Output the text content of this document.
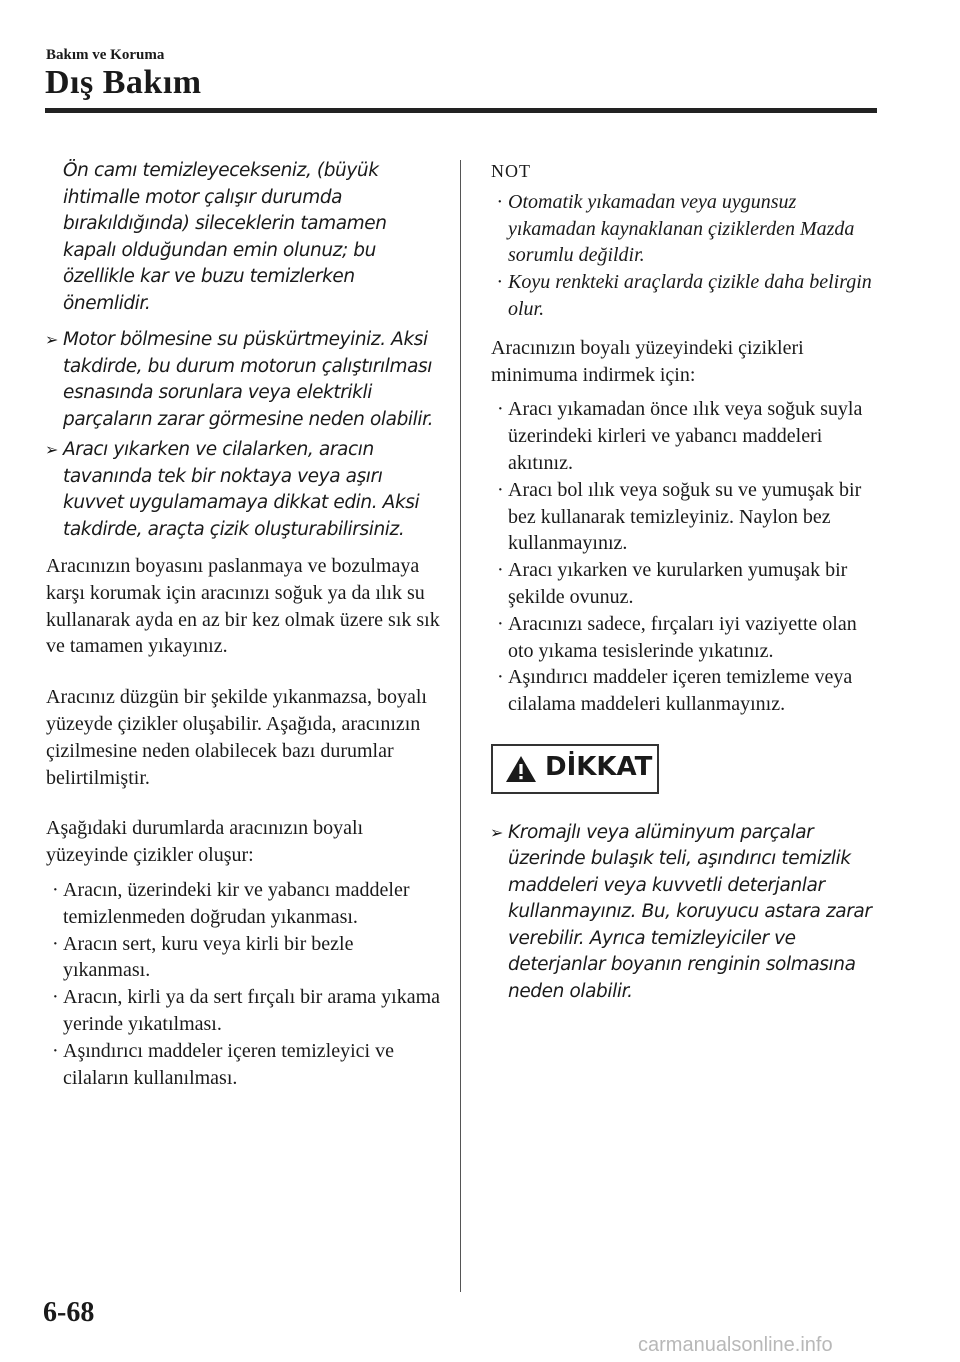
Bakım ve Koruma
Dış Bakım

Ön camı temizleyecekseniz, (büyük ihtimalle motor çalışır durumda bırakıldığında) sileceklerin tamamen kapalı olduğundan emin olunuz; bu özellikle kar ve buzu temizlerken önemlidir.

➢ Motor bölmesine su püskürtmeyiniz. Aksi takdirde, bu durum motorun çalıştırılması esnasında sorunlara veya elektrikli parçaların zarar görmesine neden olabilir.
➢ Aracı yıkarken ve cilalarken, aracın tavanında tek bir noktaya veya aşırı kuvvet uygulamamaya dikkat edin. Aksi takdirde, araçta çizik oluşturabilirsiniz.

Aracınızın boyasını paslanmaya ve bozulmaya karşı korumak için aracınızı soğuk ya da ılık su kullanarak ayda en az bir kez olmak üzere sık sık ve tamamen yıkayınız.

Aracınız düzgün bir şekilde yıkanmazsa, boyalı yüzeyde çizikler oluşabilir. Aşağıda, aracınızın çizilmesine neden olabilecek bazı durumlar belirtilmiştir.

Aşağıdaki durumlarda aracınızın boyalı yüzeyinde çizikler oluşur:

· Aracın, üzerindeki kir ve yabancı maddeler temizlenmeden doğrudan yıkanması.
· Aracın sert, kuru veya kirli bir bezle yıkanması.
· Aracın, kirli ya da sert fırçalı bir arama yıkama yerinde yıkatılması.
· Aşındırıcı maddeler içeren temizleyici ve cilaların kullanılması.
NOT
· Otomatik yıkamadan veya uygunsuz yıkamadan kaynaklanan çiziklerden Mazda sorumlu değildir.
· Koyu renkteki araçlarda çizikle daha belirgin olur.

Aracınızın boyalı yüzeyindeki çizikleri minimuma indirmek için:

· Aracı yıkamadan önce ılık veya soğuk suyla üzerindeki kirleri ve yabancı maddeleri akıtınız.
· Aracı bol ılık veya soğuk su ve yumuşak bir bez kullanarak temizleyiniz. Naylon bez kullanmayınız.
· Aracı yıkarken ve kurularken yumuşak bir şekilde ovunuz.
· Aracınızı sadece, fırçaları iyi vaziyette olan oto yıkama tesislerinde yıkatınız.
· Aşındırıcı maddeler içeren temizleme veya cilalama maddeleri kullanmayınız.
DİKKAT
➢ Kromajlı veya alüminyum parçalar üzerinde bulaşık teli, aşındırıcı temizlik maddeleri veya kuvvetli deterjanlar kullanmayınız. Bu, koruyucu astara zarar verebilir. Ayrıca temizleyiciler ve deterjanlar boyanın renginin solmasına neden olabilir.
6-68
carmanualsonline.info
